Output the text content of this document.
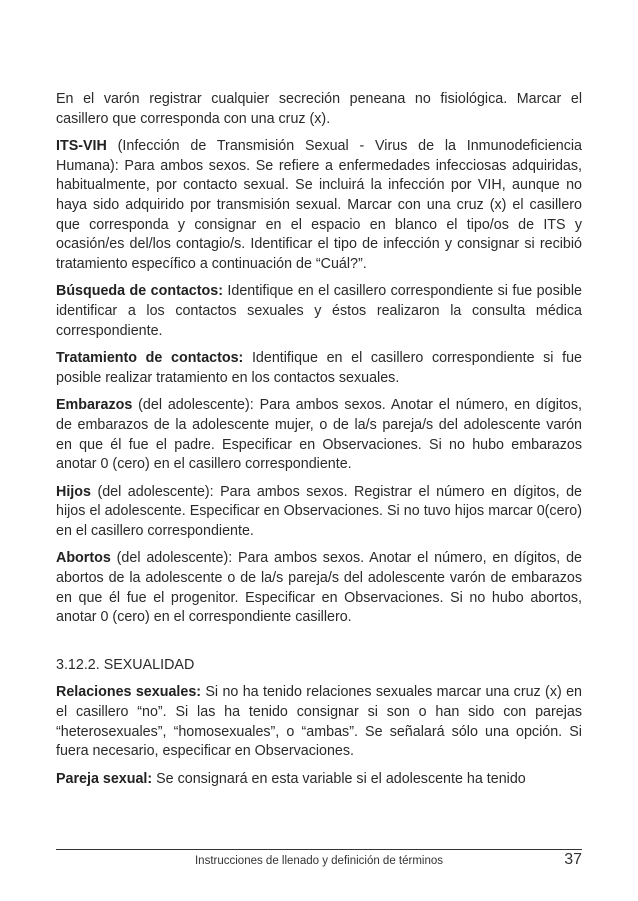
En el varón registrar cualquier secreción peneana no fisiológica. Marcar el casillero que corresponda con una cruz (x).

ITS-VIH (Infección de Transmisión Sexual - Virus de la Inmunodeficiencia Humana): Para ambos sexos. Se refiere a enfermedades infecciosas adquiridas, habitualmente, por contacto sexual. Se incluirá la infección por VIH, aunque no haya sido adquirido por transmisión sexual. Marcar con una cruz (x) el casillero que corresponda y consignar en el espacio en blanco el tipo/os de ITS y ocasión/es del/los contagio/s. Identificar el tipo de infección y consignar si recibió tratamiento específico a continuación de “Cuál?”.

Búsqueda de contactos: Identifique en el casillero correspondiente si fue posible identificar a los contactos sexuales y éstos realizaron la consulta médica correspondiente.

Tratamiento de contactos: Identifique en el casillero correspondiente si fue posible realizar tratamiento en los contactos sexuales.

Embarazos (del adolescente): Para ambos sexos. Anotar el número, en dígitos, de embarazos de la adolescente mujer, o de la/s pareja/s del adolescente varón en que él fue el padre. Especificar en Observaciones. Si no hubo embarazos anotar 0 (cero) en el casillero correspondiente.

Hijos (del adolescente): Para ambos sexos. Registrar el número en dígitos, de hijos el adolescente. Especificar en Observaciones. Si no tuvo hijos marcar 0(cero) en el casillero correspondiente.

Abortos (del adolescente): Para ambos sexos. Anotar el número, en dígitos, de abortos de la adolescente o de la/s pareja/s del adolescente varón de embarazos en que él fue el progenitor. Especificar en Observaciones. Si no hubo abortos, anotar 0 (cero) en el correspondiente casillero.

3.12.2. SEXUALIDAD

Relaciones sexuales: Si no ha tenido relaciones sexuales marcar una cruz (x) en el casillero “no”. Si las ha tenido consignar si son o han sido con parejas “heterosexuales”, “homosexuales”, o “ambas”. Se señalará sólo una opción. Si fuera necesario, especificar en Observaciones.

Pareja sexual: Se consignará en esta variable si el adolescente ha tenido

Instrucciones de llenado y definición de términos	37
